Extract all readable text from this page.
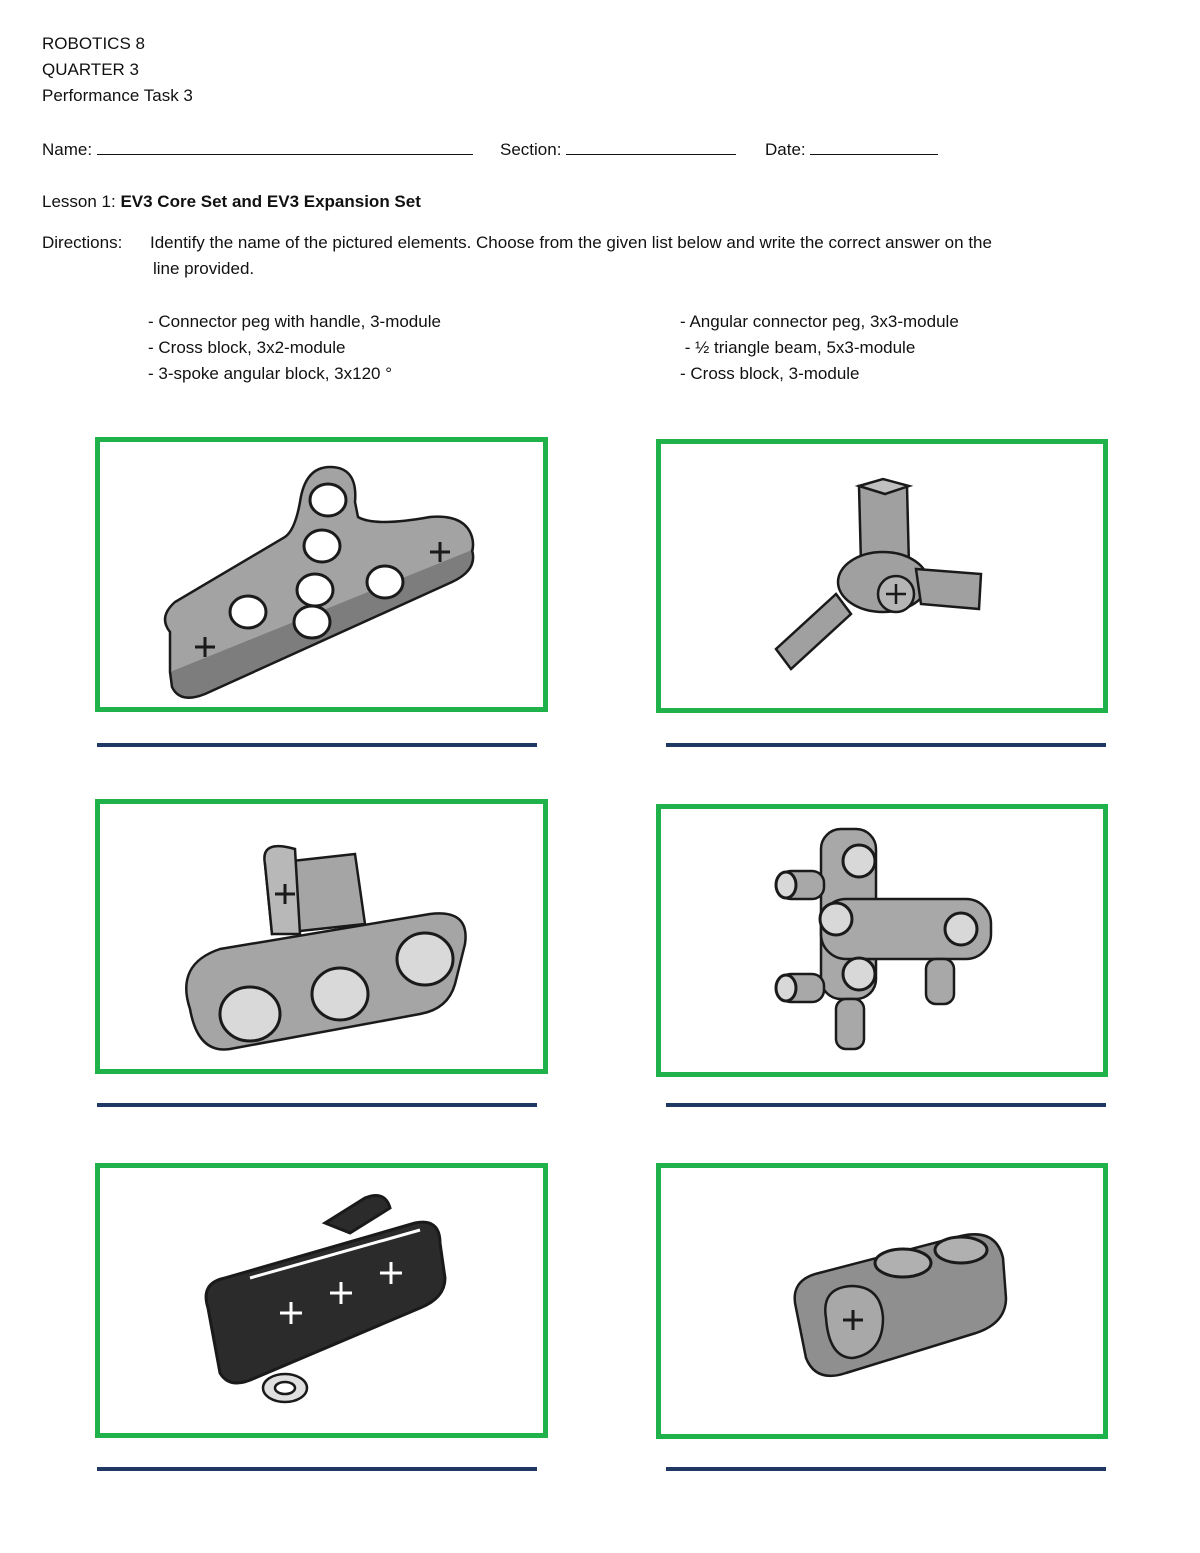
ROBOTICS 8
QUARTER 3
Performance Task 3
Name:	Section:	Date:
Lesson 1: EV3 Core Set and EV3 Expansion Set
Directions: Identify the name of the pictured elements. Choose from the given list below and write the correct answer on the
line provided.
- Connector peg with handle, 3-module
- Cross block, 3x2-module
- 3-spoke angular block, 3x120 °
- Angular connector peg, 3x3-module
- ½ triangle beam, 5x3-module
- Cross block, 3-module
